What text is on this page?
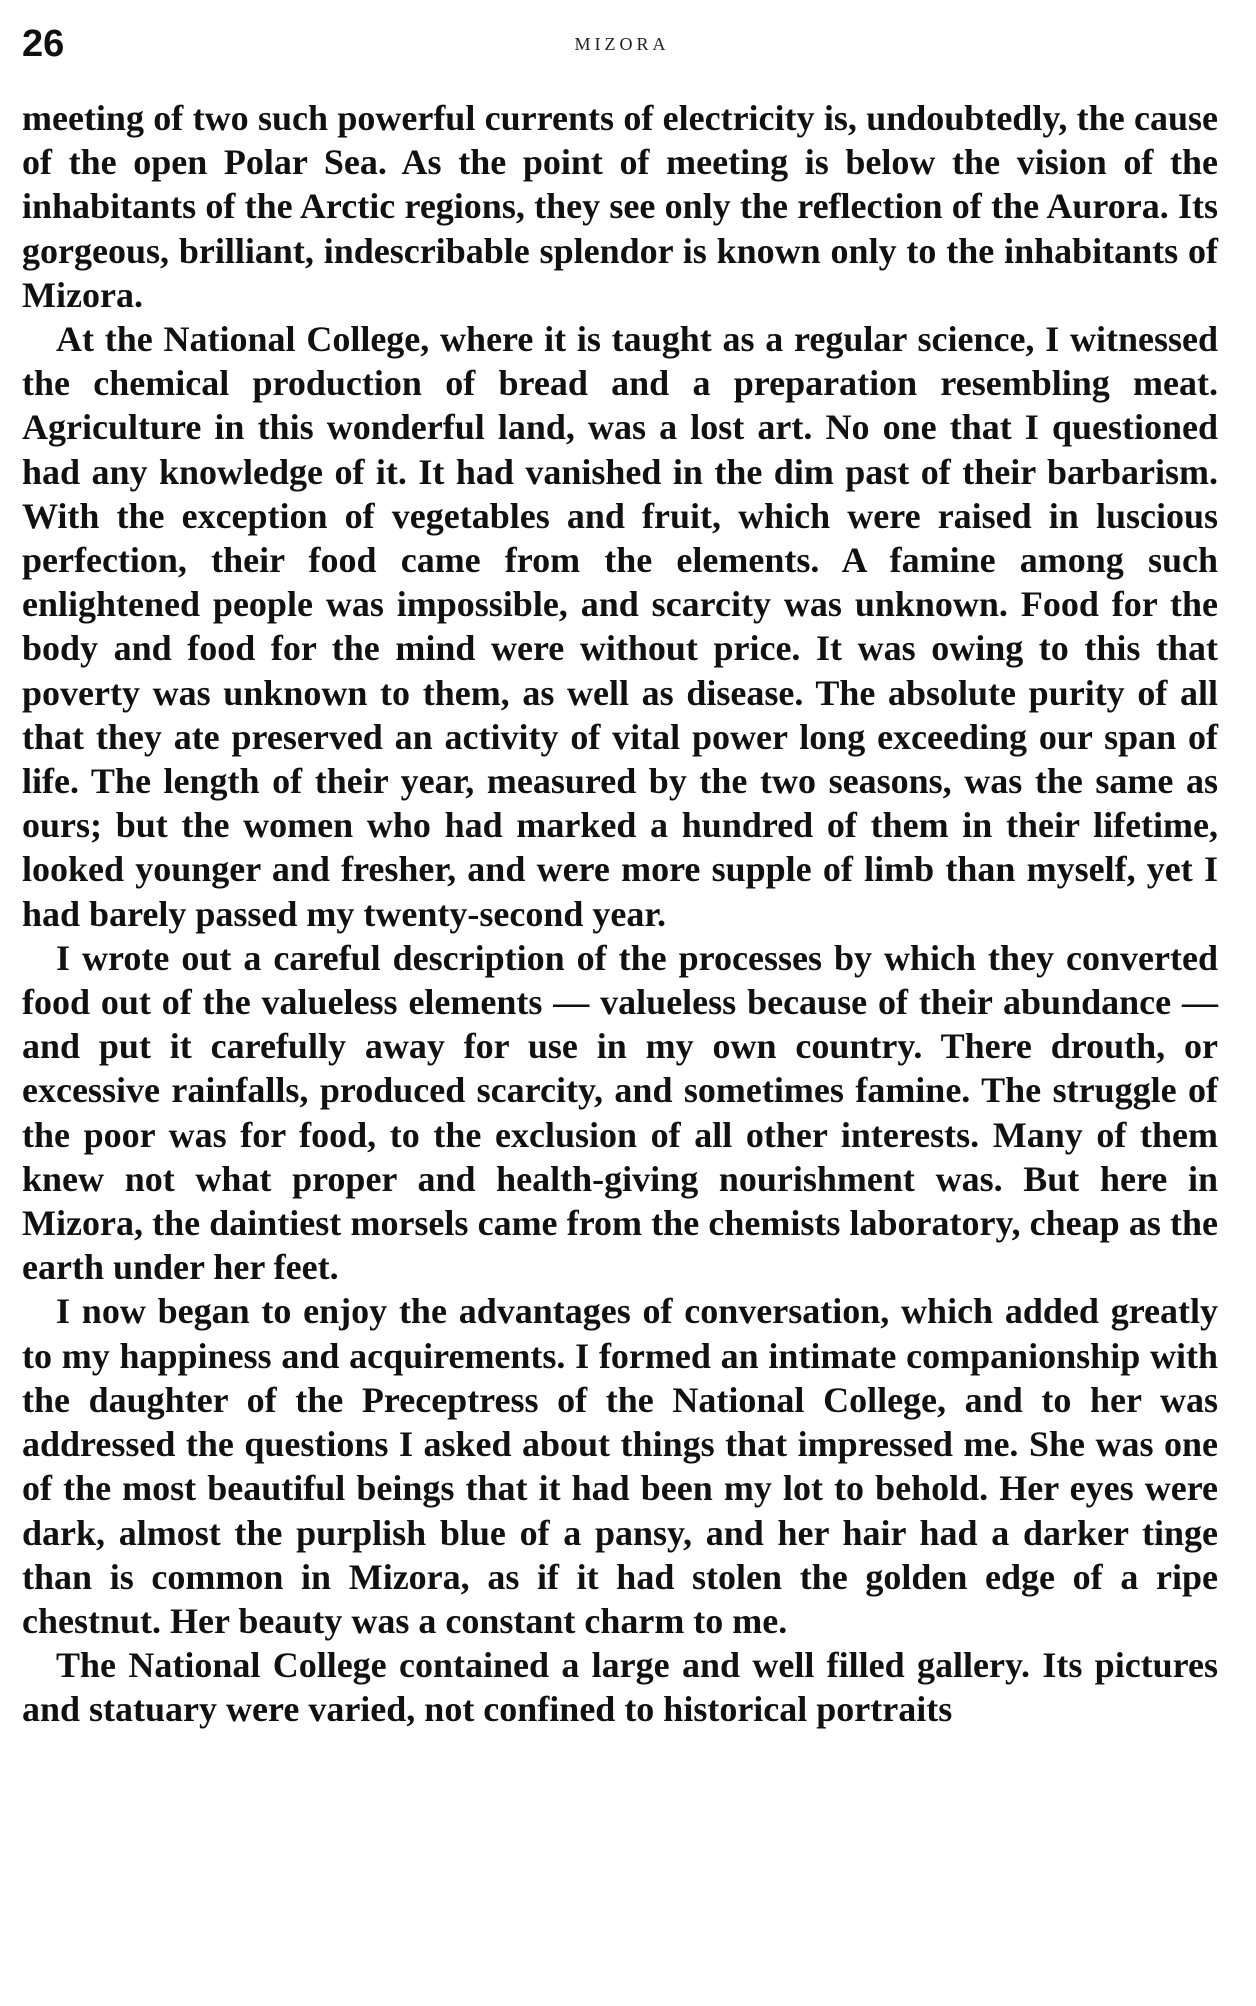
26	MIZORA

meeting of two such powerful currents of electricity is, undoubtedly, the cause of the open Polar Sea. As the point of meeting is below the vision of the inhabitants of the Arctic regions, they see only the reflection of the Aurora. Its gorgeous, brilliant, indescribable splendor is known only to the inhabitants of Mizora.

At the National College, where it is taught as a regular science, I witnessed the chemical production of bread and a preparation resembling meat. Agriculture in this wonderful land, was a lost art. No one that I questioned had any knowledge of it. It had vanished in the dim past of their barbarism. With the exception of vegetables and fruit, which were raised in luscious perfection, their food came from the elements. A famine among such enlightened people was impossible, and scarcity was unknown. Food for the body and food for the mind were without price. It was owing to this that poverty was unknown to them, as well as disease. The absolute purity of all that they ate preserved an activity of vital power long exceeding our span of life. The length of their year, measured by the two seasons, was the same as ours; but the women who had marked a hundred of them in their lifetime, looked younger and fresher, and were more supple of limb than myself, yet I had barely passed my twenty-second year.

I wrote out a careful description of the processes by which they converted food out of the valueless elements — valueless because of their abundance — and put it carefully away for use in my own country. There drouth, or excessive rainfalls, produced scarcity, and sometimes famine. The struggle of the poor was for food, to the exclusion of all other interests. Many of them knew not what proper and health-giving nourishment was. But here in Mizora, the daintiest morsels came from the chemists laboratory, cheap as the earth under her feet.

I now began to enjoy the advantages of conversation, which added greatly to my happiness and acquirements. I formed an intimate companionship with the daughter of the Preceptress of the National College, and to her was addressed the questions I asked about things that impressed me. She was one of the most beautiful beings that it had been my lot to behold. Her eyes were dark, almost the purplish blue of a pansy, and her hair had a darker tinge than is common in Mizora, as if it had stolen the golden edge of a ripe chestnut. Her beauty was a constant charm to me.

The National College contained a large and well filled gallery. Its pictures and statuary were varied, not confined to historical portraits
